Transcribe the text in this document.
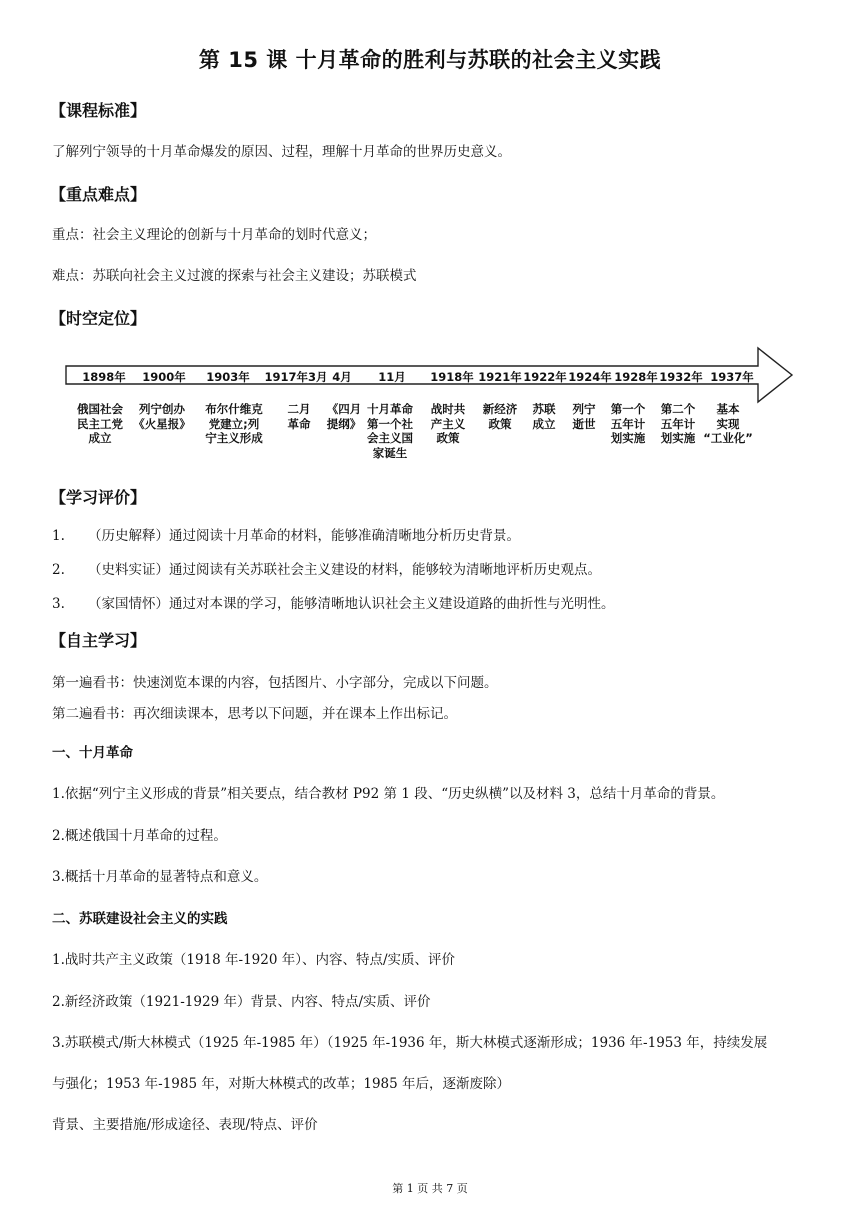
第 15 课 十月革命的胜利与苏联的社会主义实践
【课程标准】
了解列宁领导的十月革命爆发的原因、过程，理解十月革命的世界历史意义。
【重点难点】
重点：社会主义理论的创新与十月革命的划时代意义；
难点：苏联向社会主义过渡的探索与社会主义建设；苏联模式
【时空定位】
1898年
俄国社会
民主工党
成立
1900年
列宁创办
《火星报》
1903年
布尔什维克
党建立;列
宁主义形成
1917年3月
二月
革命
4月
《四月
提纲》
11月
十月革命
第一个社
会主义国
家诞生
1918年
战时共
产主义
政策
1921年
新经济
政策
1922年
苏联
成立
1924年
列宁
逝世
1928年
第一个
五年计
划实施
1932年
第二个
五年计
划实施
1937年
基本
实现
“工业化”
【学习评价】
1. （历史解释）通过阅读十月革命的材料，能够准确清晰地分析历史背景。
2. （史料实证）通过阅读有关苏联社会主义建设的材料，能够较为清晰地评析历史观点。
3. （家国情怀）通过对本课的学习，能够清晰地认识社会主义建设道路的曲折性与光明性。
【自主学习】
第一遍看书：快速浏览本课的内容，包括图片、小字部分，完成以下问题。
第二遍看书：再次细读课本，思考以下问题，并在课本上作出标记。
一、十月革命
1.依据“列宁主义形成的背景”相关要点，结合教材 P92 第 1 段、“历史纵横”以及材料 3，总结十月革命的背景。
2.概述俄国十月革命的过程。
3.概括十月革命的显著特点和意义。
二、苏联建设社会主义的实践
1.战时共产主义政策（1918 年-1920 年）、内容、特点/实质、评价
2.新经济政策（1921-1929 年）背景、内容、特点/实质、评价
3.苏联模式/斯大林模式（1925 年-1985 年）（1925 年-1936 年，斯大林模式逐渐形成；1936 年-1953 年，持续发展
与强化；1953 年-1985 年，对斯大林模式的改革；1985 年后，逐渐废除）
背景、主要措施/形成途径、表现/特点、评价
第 1 页 共 7 页
